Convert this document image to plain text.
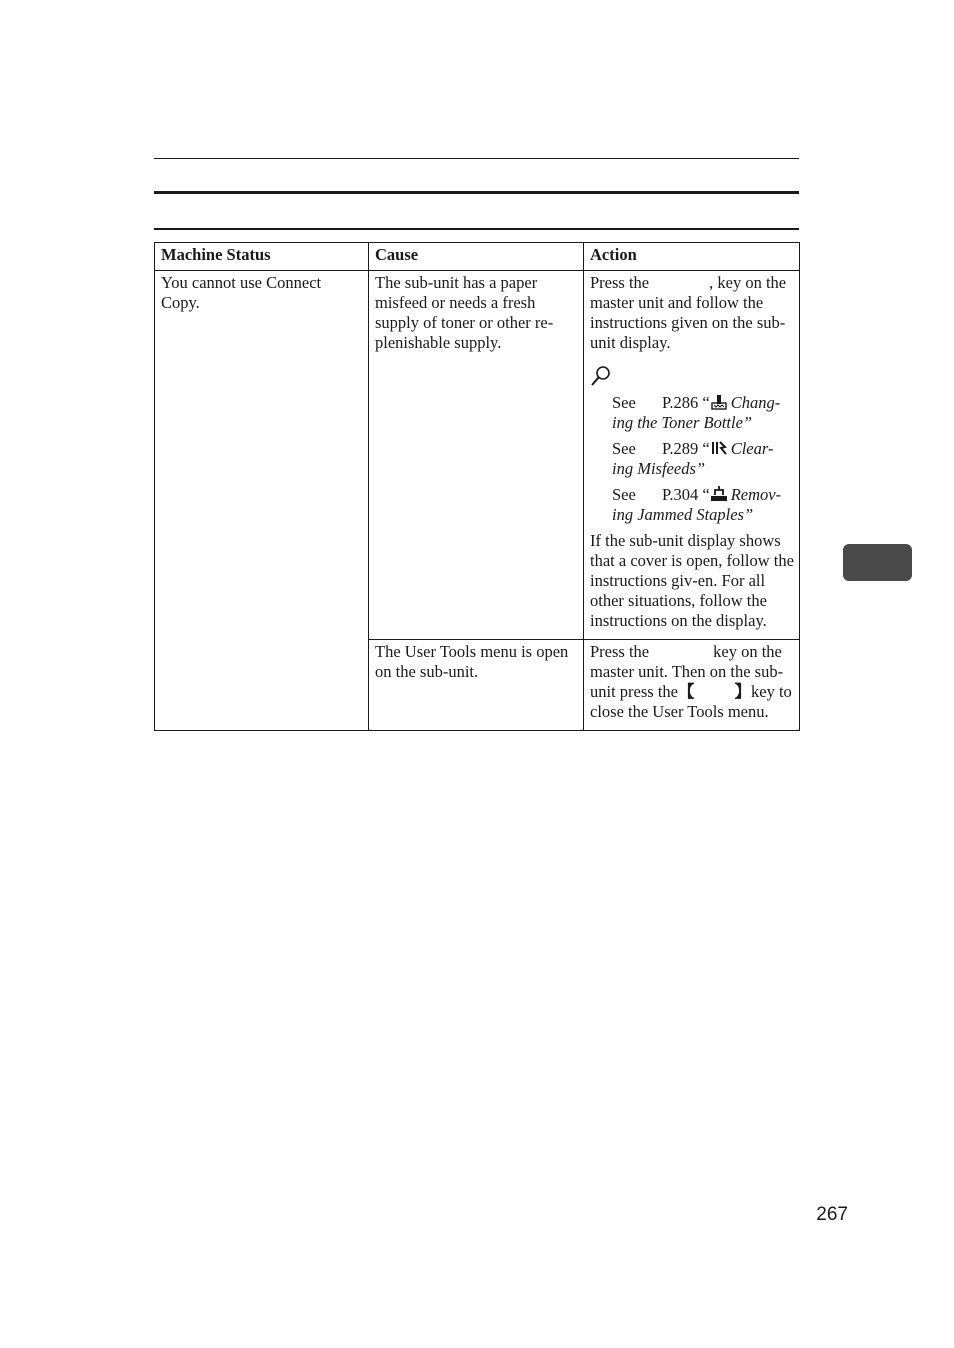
Machine Status	Cause	Action
You cannot use Connect Copy.	The sub-unit has a paper misfeed or needs a fresh supply of toner or other re-plenishable supply.	Press the , key on the master unit and follow the instructions given on the sub-unit display.

See P.286 “ Chang-ing the Toner Bottle”
See P.289 “ Clear-ing Misfeeds”
See P.304 “ Remov-ing Jammed Staples”

If the sub-unit display shows that a cover is open, follow the instructions giv-en. For all other situations, follow the instructions on the display.

	The User Tools menu is open on the sub-unit.	Press the key on the master unit. Then on the sub-unit press the【 】key to close the User Tools menu.

267
